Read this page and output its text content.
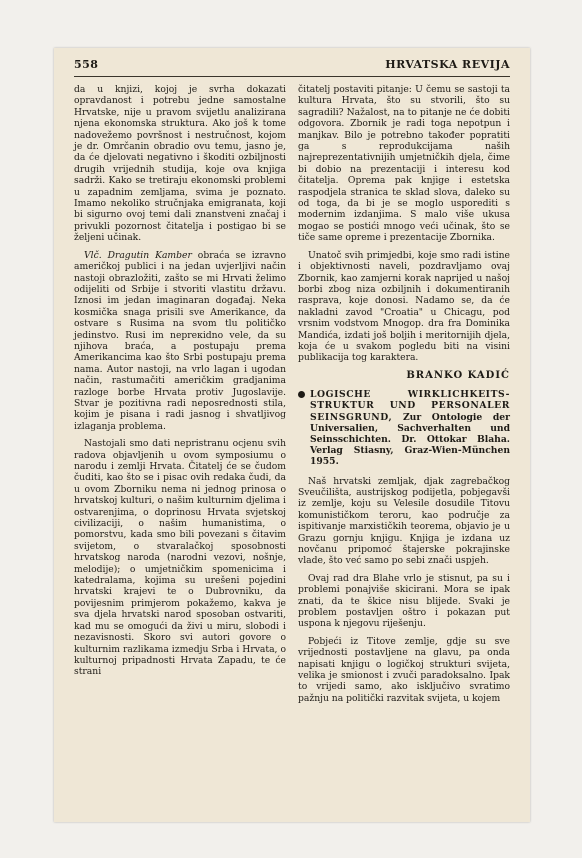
558	HRVATSKA REVIJA

da u knjizi, kojoj je svrha dokazati opravdanost i potrebu jedne samostalne Hrvatske, nije u pravom svijetlu analizirana njena ekonomska struktura. Ako još k tome nadovežemo površnost i nestručnost, kojom je dr. Omrčanin obradio ovu temu, jasno je, da će djelovati negativno i škoditi ozbiljnosti drugih vrijednih studija, koje ova knjiga sadrži. Kako se tretiraju ekonomski problemi u zapadnim zemljama, svima je poznato. Imamo nekoliko stručnjaka emigranata, koji bi sigurno ovoj temi dali znanstveni značaj i privukli pozornost čitatelja i postigao bi se željeni učinak.

Vlč. Dragutin Kamber obraća se izravno američkoj publici i na jedan uvjerljivi način nastoji obrazložiti, zašto se mi Hrvati želimo odijeliti od Srbije i stvoriti vlastitu državu. Iznosi im jedan imaginaran događaj. Neka kosmička snaga prisili sve Amerikance, da ostvare s Rusima na svom tlu političko jedinstvo. Rusi im nepreкidno vele, da su njihova braća, a postupaju prema Amerikancima kao što Srbi postupaju prema nama. Autor nastoji, na vrlo lagan i ugodan način, rastumačiti američkim gradjanima razloge borbe Hrvata protiv Jugoslavije. Stvar je pozitivna radi neposrednosti stila, kojim je pisana i radi jasnog i shvatljivog izlaganja problema.

Nastojali smo dati nepristranu ocjenu svih radova objavljenih u ovom symposiumu o narodu i zemlji Hrvata. Čitatelj će se čudom čuditi, kao što se i pisac ovih redaka čudi, da u ovom Zborniku nema ni jednog prinosa o hrvatskoj kulturi, o našim kulturnim djelima i ostvarenjima, o doprinosu Hrvata svjetskoj civilizaciji, o našim humanistima, o pomorstvu, kada smo bili povezani s čitavim svijetom, o stvaralačkoj sposobnosti hrvatskog naroda (narodni vezovi, nošnje, melodije); o umjetničkim spomenicima i katedralama, kojima su urešeni pojedini hrvatski krajevi te o Dubrovniku, da povijesnim primjerom pokažemo, kakva je sva djela hrvatski narod sposoban ostvariti, kad mu se omogući da živi u miru, slobodi i nezavisnosti. Skoro svi autori govore o kulturnim razlikama izmedju Srba i Hrvata, o kulturnoj pripadnosti Hrvata Zapadu, te će strani

čitatelj postaviti pitanje: U čemu se sastoji ta kultura Hrvata, što su stvorili, što su sagradili? Nažalost, na to pitanje ne će dobiti odgovora. Zbornik je radi toga nepotpun i manjkav. Bilo je potrebno također popratiti ga s reprodukcijama naših najreprezentativnijih umjetničkih djela, čime bi dobio na prezentaciji i interesu kod čitatelja. Oprema pak knjige i estetska raspodjela stranica te sklad slova, daleko su od toga, da bi je se moglo usporediti s modernim izdanjima. S malo više ukusa mogao se postići mnogo veći učinak, što se tiče same opreme i prezentacije Zbornika.

Unatoč svih primjedbi, koje smo radi istine i objektivnosti naveli, pozdravljamo ovaj Zbornik, kao zamjerni korak naprijed u našoj borbi zbog niza ozbiljnih i dokumentiranih rasprava, koje donosi. Nadamo se, da će nakladni zavod "Croatia" u Chicagu, pod vrsnim vodstvom Mnogop. dra fra Dominika Mandića, izdati još boljih i meritornijih djela, koja će u svakom pogledu biti na visini publikacija tog karaktera.

BRANKO KADIĆ
LOGISCHE WIRKLICHKEITS-STRUKTUR UND PERSONALER SEINSGRUND, Zur Ontologie der Universalien, Sachverhalten und Seinsschichten. Dr. Ottokar Blaha. Verlag Stiasny, Graz-Wien-München 1955.

Naš hrvatski zemljak, djak zagrebačkog Sveučilišta, austrijskog podijetla, pobjegavši iz zemlje, koju su Velesile dosudile Titovu komunističkom teroru, kao područje za ispitivanje marxističkih teorema, objavio je u Grazu gornju knjigu. Knjiga je izdana uz novčanu pripomoć štajerske pokrajinske vlade, što već samo po sebi znači uspjeh.

Ovaj rad dra Blahe vrlo je stisnut, pa su i problemi ponajviše skicirani. Mora se ipak znati, da te škice nisu blijede. Svaki je problem postavljen oštro i pokazan put uspona k njegovu riješenju.

Pobjeći iz Titove zemlje, gdje su sve vrijednosti postavljene na glavu, pa onda napisati knjigu o logičkoj strukturi svijeta, velika je smionost i zvuči paradoksalno. Ipak to vrijedi samo, ako isključivo svratimo pažnju na politički razvitak svijeta, u kojem
